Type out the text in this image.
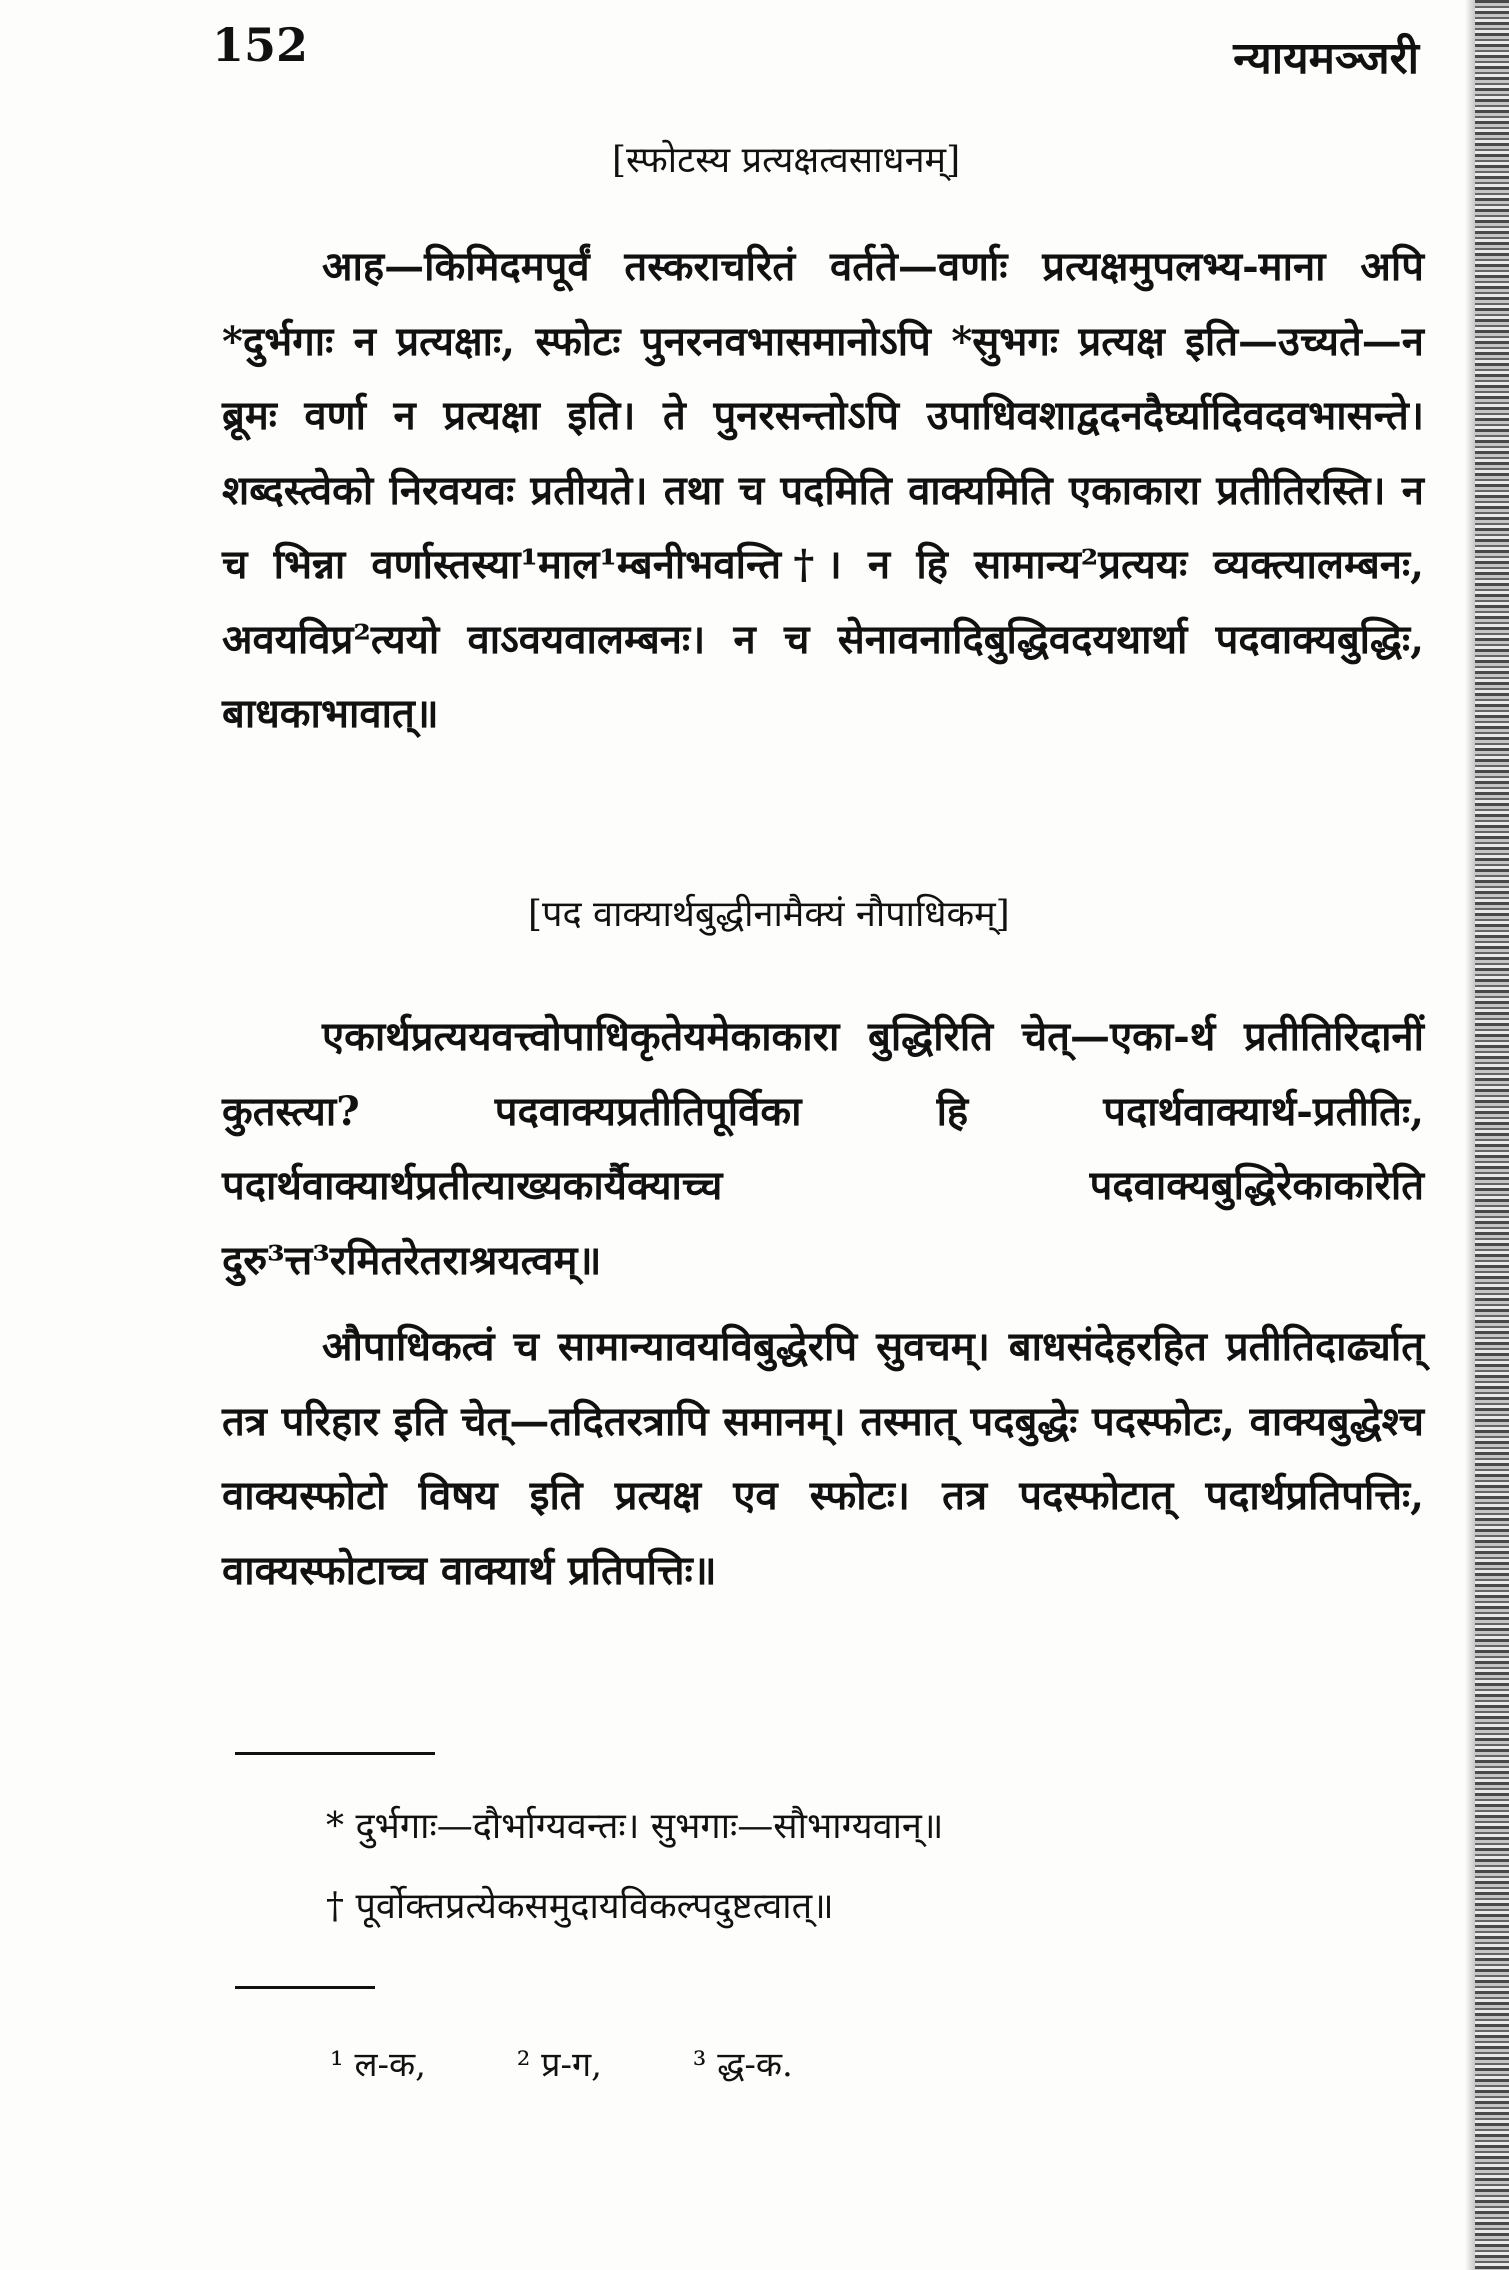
152	न्यायमञ्जरी
[स्फोटस्य प्रत्यक्षत्वसाधनम्]

आह—किमिदमपूर्वं तस्कराचरितं वर्तते—वर्णाः प्रत्यक्षमुपलभ्य-माना अपि *दुर्भगाः न प्रत्यक्षाः, स्फोटः पुनरनवभासमानोऽपि *सुभगः प्रत्यक्ष इति—उच्यते—न ब्रूमः वर्णा न प्रत्यक्षा इति। ते पुनरसन्तोऽपि उपाधिवशाद्वदनदैर्घ्यादिवदवभासन्ते। शब्दस्त्वेको निरवयवः प्रतीयते। तथा च पदमिति वाक्यमिति एकाकारा प्रतीतिरस्ति। न च भिन्ना वर्णास्तस्या¹माल¹म्बनीभवन्ति†। न हि सामान्य²प्रत्ययः व्यक्त्यालम्बनः, अवयविप्र²त्ययो वाऽवयवालम्बनः। न च सेनावनादिबुद्धिवदयथार्था पदवाक्यबुद्धिः, बाधकाभावात्॥

[पद वाक्यार्थबुद्धीनामैक्यं नौपाधिकम्]

एकार्थप्रत्ययवत्त्वोपाधिकृतेयमेकाकारा बुद्धिरिति चेत्—एका-र्थ प्रतीतिरिदानीं कुतस्त्या? पदवाक्यप्रतीतिपूर्विका हि पदार्थवाक्यार्थ-प्रतीतिः, पदार्थवाक्यार्थप्रतीत्याख्यकार्यैक्याच्च पदवाक्यबुद्धिरेकाकारेति दुरु³त्त³रमितरेतराश्रयत्वम्॥

औपाधिकत्वं च सामान्यावयविबुद्धेरपि सुवचम्। बाधसंदेहरहित प्रतीतिदार्ढ्यात् तत्र परिहार इति चेत्—तदितरत्रापि समानम्। तस्मात् पदबुद्धेः पदस्फोटः, वाक्यबुद्धेश्च वाक्यस्फोटो विषय इति प्रत्यक्ष एव स्फोटः। तत्र पदस्फोटात् पदार्थप्रतिपत्तिः, वाक्यस्फोटाच्च वाक्यार्थ प्रतिपत्तिः॥

* दुर्भगाः—दौर्भाग्यवन्तः। सुभगाः—सौभाग्यवान्॥
† पूर्वोक्तप्रत्येकसमुदायविकल्पदुष्टत्वात्॥
¹ ल-क,	² प्र-ग,	³ द्ध-क.
